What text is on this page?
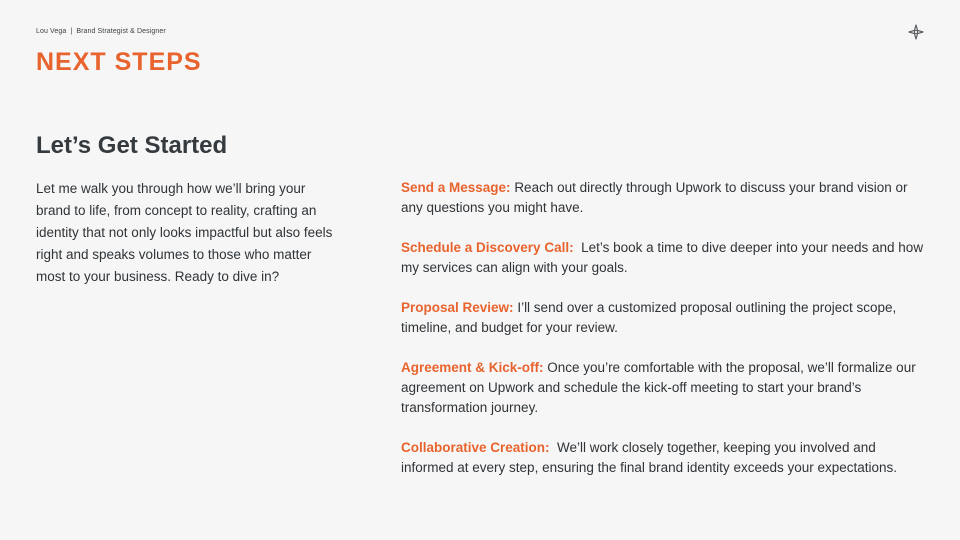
Lou Vega | Brand Strategist & Designer
NEXT STEPS
Let’s Get Started

Let me walk you through how we’ll bring your brand to life, from concept to reality, crafting an identity that not only looks impactful but also feels right and speaks volumes to those who matter most to your business. Ready to dive in?

Send a Message: Reach out directly through Upwork to discuss your brand vision or any questions you might have.

Schedule a Discovery Call: Let’s book a time to dive deeper into your needs and how my services can align with your goals.

Proposal Review: I’ll send over a customized proposal outlining the project scope, timeline, and budget for your review.

Agreement & Kick-off: Once you’re comfortable with the proposal, we’ll formalize our agreement on Upwork and schedule the kick-off meeting to start your brand’s transformation journey.

Collaborative Creation: We’ll work closely together, keeping you involved and informed at every step, ensuring the final brand identity exceeds your expectations.
